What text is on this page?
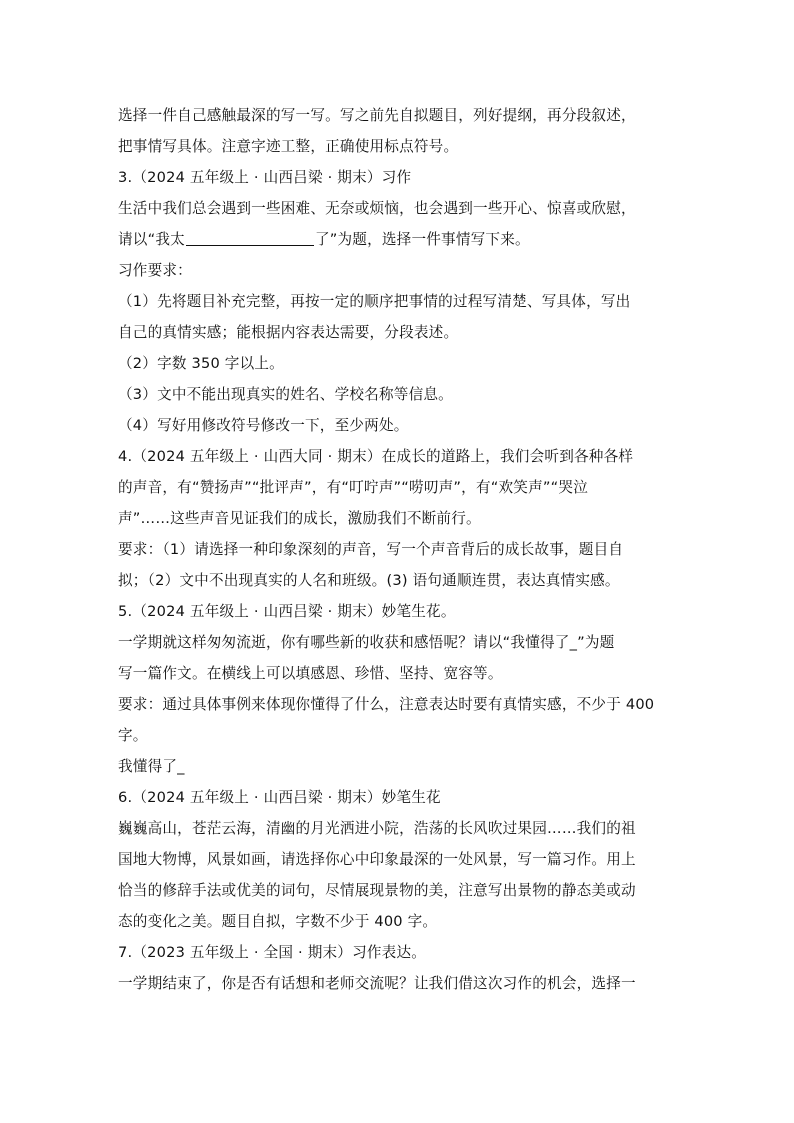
选择一件自己感触最深的写一写。写之前先自拟题目，列好提纲，再分段叙述，
把事情写具体。注意字迹工整，正确使用标点符号。
3.（2024 五年级上 · 山西吕梁 · 期末）习作
生活中我们总会遇到一些困难、无奈或烦恼，也会遇到一些开心、惊喜或欣慰，
请以“我太	了”为题，选择一件事情写下来。
习作要求：
（1）先将题目补充完整，再按一定的顺序把事情的过程写清楚、写具体，写出
自己的真情实感；能根据内容表达需要，分段表述。
（2）字数 350 字以上。
（3）文中不能出现真实的姓名、学校名称等信息。
（4）写好用修改符号修改一下，至少两处。
4.（2024 五年级上 · 山西大同 · 期末）在成长的道路上，我们会听到各种各样
的声音，有“赞扬声”“批评声”，有“叮咛声”“唠叨声”，有“欢笑声”“哭泣
声”……这些声音见证我们的成长，激励我们不断前行。
要求：（1）请选择一种印象深刻的声音，写一个声音背后的成长故事，题目自
拟；（2）文中不出现真实的人名和班级。(3) 语句通顺连贯，表达真情实感。
5.（2024 五年级上 · 山西吕梁 · 期末）妙笔生花。
一学期就这样匆匆流逝，你有哪些新的收获和感悟呢？请以“我懂得了_”为题
写一篇作文。在横线上可以填感恩、珍惜、坚持、宽容等。
要求：通过具体事例来体现你懂得了什么，注意表达时要有真情实感，不少于 400
字。
我懂得了_
6.（2024 五年级上 · 山西吕梁 · 期末）妙笔生花
巍巍高山，苍茫云海，清幽的月光洒进小院，浩荡的长风吹过果园……我们的祖
国地大物博，风景如画，请选择你心中印象最深的一处风景，写一篇习作。用上
恰当的修辞手法或优美的词句，尽情展现景物的美，注意写出景物的静态美或动
态的变化之美。题目自拟，字数不少于 400 字。
7.（2023 五年级上 · 全国 · 期末）习作表达。
一学期结束了，你是否有话想和老师交流呢？让我们借这次习作的机会，选择一
